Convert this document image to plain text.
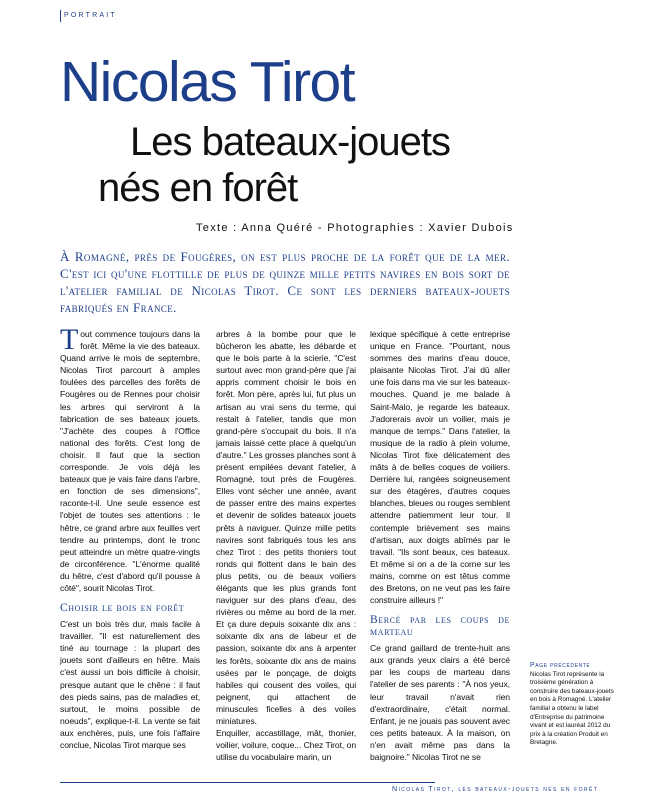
PORTRAIT
Nicolas Tirot
Les bateaux-jouets
nés en forêt
Texte : Anna Quéré - Photographies : Xavier Dubois
À Romagné, près de Fougères, on est plus proche de la forêt que de la mer. C'est ici qu'une flottille de plus de quinze mille petits navires en bois sort de l'atelier familial de Nicolas Tirot. Ce sont les derniers bateaux-jouets fabriqués en France.

Tout commence toujours dans la forêt. Même la vie des bateaux. Quand arrive le mois de septembre, Nicolas Tirot parcourt à amples foulées des parcelles des forêts de Fougères ou de Rennes pour choisir les arbres qui serviront à la fabrication de ses bateaux jouets. "J'achète des coupes à l'Office national des forêts. C'est long de choisir. Il faut que la section corresponde. Je vois déjà les bateaux que je vais faire dans l'arbre, en fonction de ses dimensions", raconte-t-il. Une seule essence est l'objet de toutes ses attentions : le hêtre, ce grand arbre aux feuilles vert tendre au printemps, dont le tronc peut atteindre un mètre quatre-vingts de circonférence. "L'énorme qualité du hêtre, c'est d'abord qu'il pousse à côté", sourit Nicolas Tirot.

Choisir le bois en forêt

C'est un bois très dur, mais facile à travailler. "Il est naturellement des tiné au tournage : la plupart des jouets sont d'ailleurs en hêtre. Mais c'est aussi un bois difficile à choisir, presque autant que le chêne : il faut des pieds sains, pas de maladies et, surtout, le moins possible de noeuds", explique-t-il. La vente se fait aux enchères, puis, une fois l'affaire conclue, Nicolas Tirot marque ses

arbres à la bombe pour que le bûcheron les abatte, les débarde et que le bois parte à la scierie. "C'est surtout avec mon grand-père que j'ai appris comment choisir le bois en forêt. Mon père, après lui, fut plus un artisan au vrai sens du terme, qui restait à l'atelier, tandis que mon grand-père s'occupait du bois. Il n'a jamais laissé cette place à quelqu'un d'autre." Les grosses planches sont à présent empilées devant l'atelier, à Romagné, tout près de Fougères. Elles vont sécher une année, avant de passer entre des mains expertes et devenir de solides bateaux jouets prêts à naviguer. Quinze mille petits navires sont fabriqués tous les ans chez Tirot : des petits thoniers tout ronds qui flottent dans le bain des plus petits, ou de beaux voiliers élégants que les plus grands font naviguer sur des plans d'eau, des rivières ou même au bord de la mer. Et ça dure depuis soixante dix ans : soixante dix ans de labeur et de passion, soixante dix ans à arpenter les forêts, soixante dix ans de mains usées par le ponçage, de doigts habiles qui cousent des voiles, qui peignent, qui attachent de minuscules ficelles à des voiles miniatures.

Enquiller, accastillage, mât, thonier, voilier, voilure, coque... Chez Tirot, on utilise du vocabulaire marin, un

lexique spécifique à cette entreprise unique en France. "Pourtant, nous sommes des marins d'eau douce, plaisante Nicolas Tirot. J'ai dû aller une fois dans ma vie sur les bateaux-mouches. Quand je me balade à Saint-Malo, je regarde les bateaux. J'adorerais avoir un voilier, mais je manque de temps." Dans l'atelier, la musique de la radio à plein volume, Nicolas Tirot fixe délicatement des mâts à de belles coques de voiliers. Derrière lui, rangées soigneusement sur des étagères, d'autres coques blanches, bleues ou rouges semblent attendre patiemment leur tour. Il contemple brièvement ses mains d'artisan, aux doigts abîmés par le travail. "Ils sont beaux, ces bateaux. Et même si on a de la corne sur les mains, comme on est têtus comme des Bretons, on ne veut pas les faire construire ailleurs !"

Bercé par les coups de marteau

Ce grand gaillard de trente-huit ans aux grands yeux clairs a été bercé par les coups de marteau dans l'atelier de ses parents : "À nos yeux, leur travail n'avait rien d'extraordinaire, c'était normal. Enfant, je ne jouais pas souvent avec ces petits bateaux. À la maison, on n'en avait même pas dans la baignoire." Nicolas Tirot ne se

Page précédente
Nicolas Tirot représente la troisième génération à construire des bateaux-jouets en bois à Romagné. L'atelier familial a obtenu le label d'Entreprise du patrimoine vivant et est lauréat 2012 du prix à la création Produit en Bretagne.
Nicolas Tirot, les bateaux-jouets nés en forêt
